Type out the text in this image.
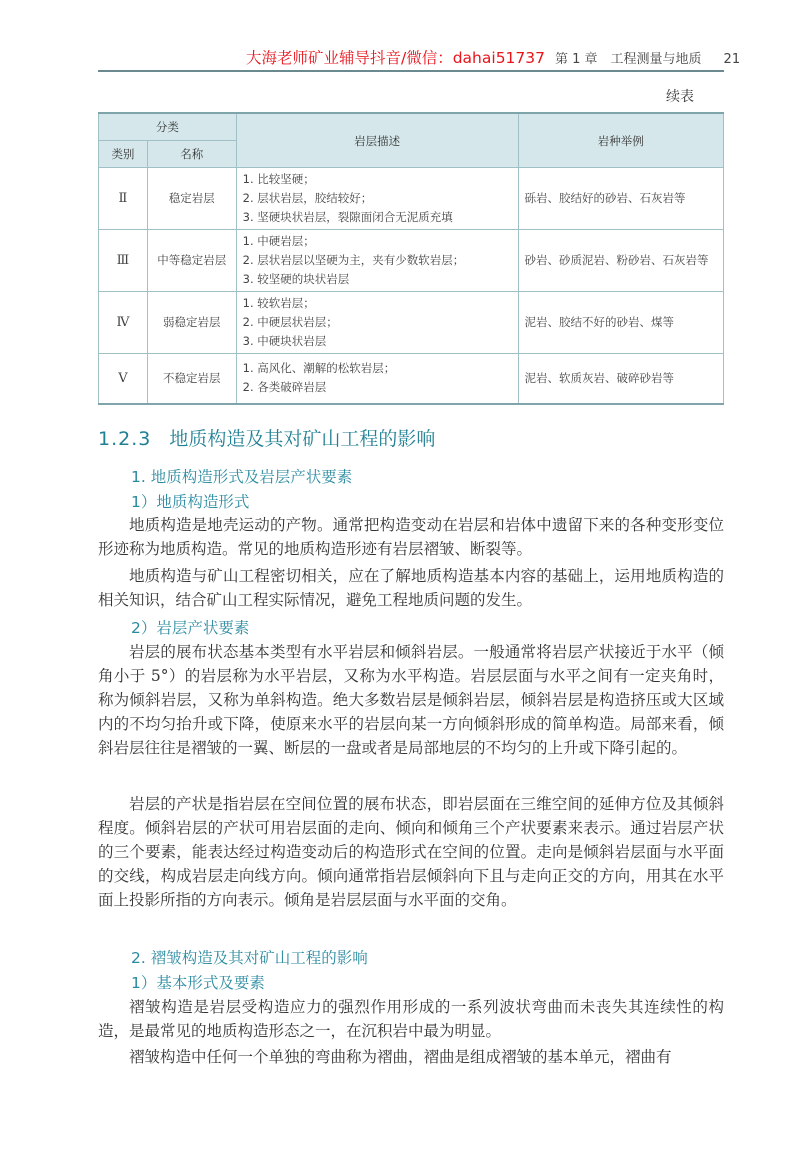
大海老师矿业辅导抖音/微信：dahai51737 第 1 章　工程测量与地质 21
续表
分类		岩层描述	岩种举例
类别	名称		
Ⅱ	稳定岩层	1. 比较坚硬；
2. 层状岩层，胶结较好；
3. 坚硬块状岩层，裂隙面闭合无泥质充填	砾岩、胶结好的砂岩、石灰岩等
Ⅲ	中等稳定岩层	1. 中硬岩层；
2. 层状岩层以坚硬为主，夹有少数软岩层；
3. 较坚硬的块状岩层	砂岩、砂质泥岩、粉砂岩、石灰岩等
Ⅳ	弱稳定岩层	1. 较软岩层；
2. 中硬层状岩层；
3. 中硬块状岩层	泥岩、胶结不好的砂岩、煤等
Ⅴ	不稳定岩层	1. 高风化、潮解的松软岩层；
2. 各类破碎岩层	泥岩、软质灰岩、破碎砂岩等
1.2.3 地质构造及其对矿山工程的影响
1. 地质构造形式及岩层产状要素
1）地质构造形式

地质构造是地壳运动的产物。通常把构造变动在岩层和岩体中遗留下来的各种变形变位形迹称为地质构造。常见的地质构造形迹有岩层褶皱、断裂等。

地质构造与矿山工程密切相关，应在了解地质构造基本内容的基础上，运用地质构造的相关知识，结合矿山工程实际情况，避免工程地质问题的发生。

2）岩层产状要素

岩层的展布状态基本类型有水平岩层和倾斜岩层。一般通常将岩层产状接近于水平（倾角小于 5°）的岩层称为水平岩层，又称为水平构造。岩层层面与水平之间有一定夹角时，称为倾斜岩层，又称为单斜构造。绝大多数岩层是倾斜岩层，倾斜岩层是构造挤压或大区域内的不均匀抬升或下降，使原来水平的岩层向某一方向倾斜形成的简单构造。局部来看，倾斜岩层往往是褶皱的一翼、断层的一盘或者是局部地层的不均匀的上升或下降引起的。

岩层的产状是指岩层在空间位置的展布状态，即岩层面在三维空间的延伸方位及其倾斜程度。倾斜岩层的产状可用岩层面的走向、倾向和倾角三个产状要素来表示。通过岩层产状的三个要素，能表达经过构造变动后的构造形式在空间的位置。走向是倾斜岩层面与水平面的交线，构成岩层走向线方向。倾向通常指岩层倾斜向下且与走向正交的方向，用其在水平面上投影所指的方向表示。倾角是岩层层面与水平面的交角。

2. 褶皱构造及其对矿山工程的影响
1）基本形式及要素

褶皱构造是岩层受构造应力的强烈作用形成的一系列波状弯曲而未丧失其连续性的构造，是最常见的地质构造形态之一，在沉积岩中最为明显。

褶皱构造中任何一个单独的弯曲称为褶曲，褶曲是组成褶皱的基本单元，褶曲有
